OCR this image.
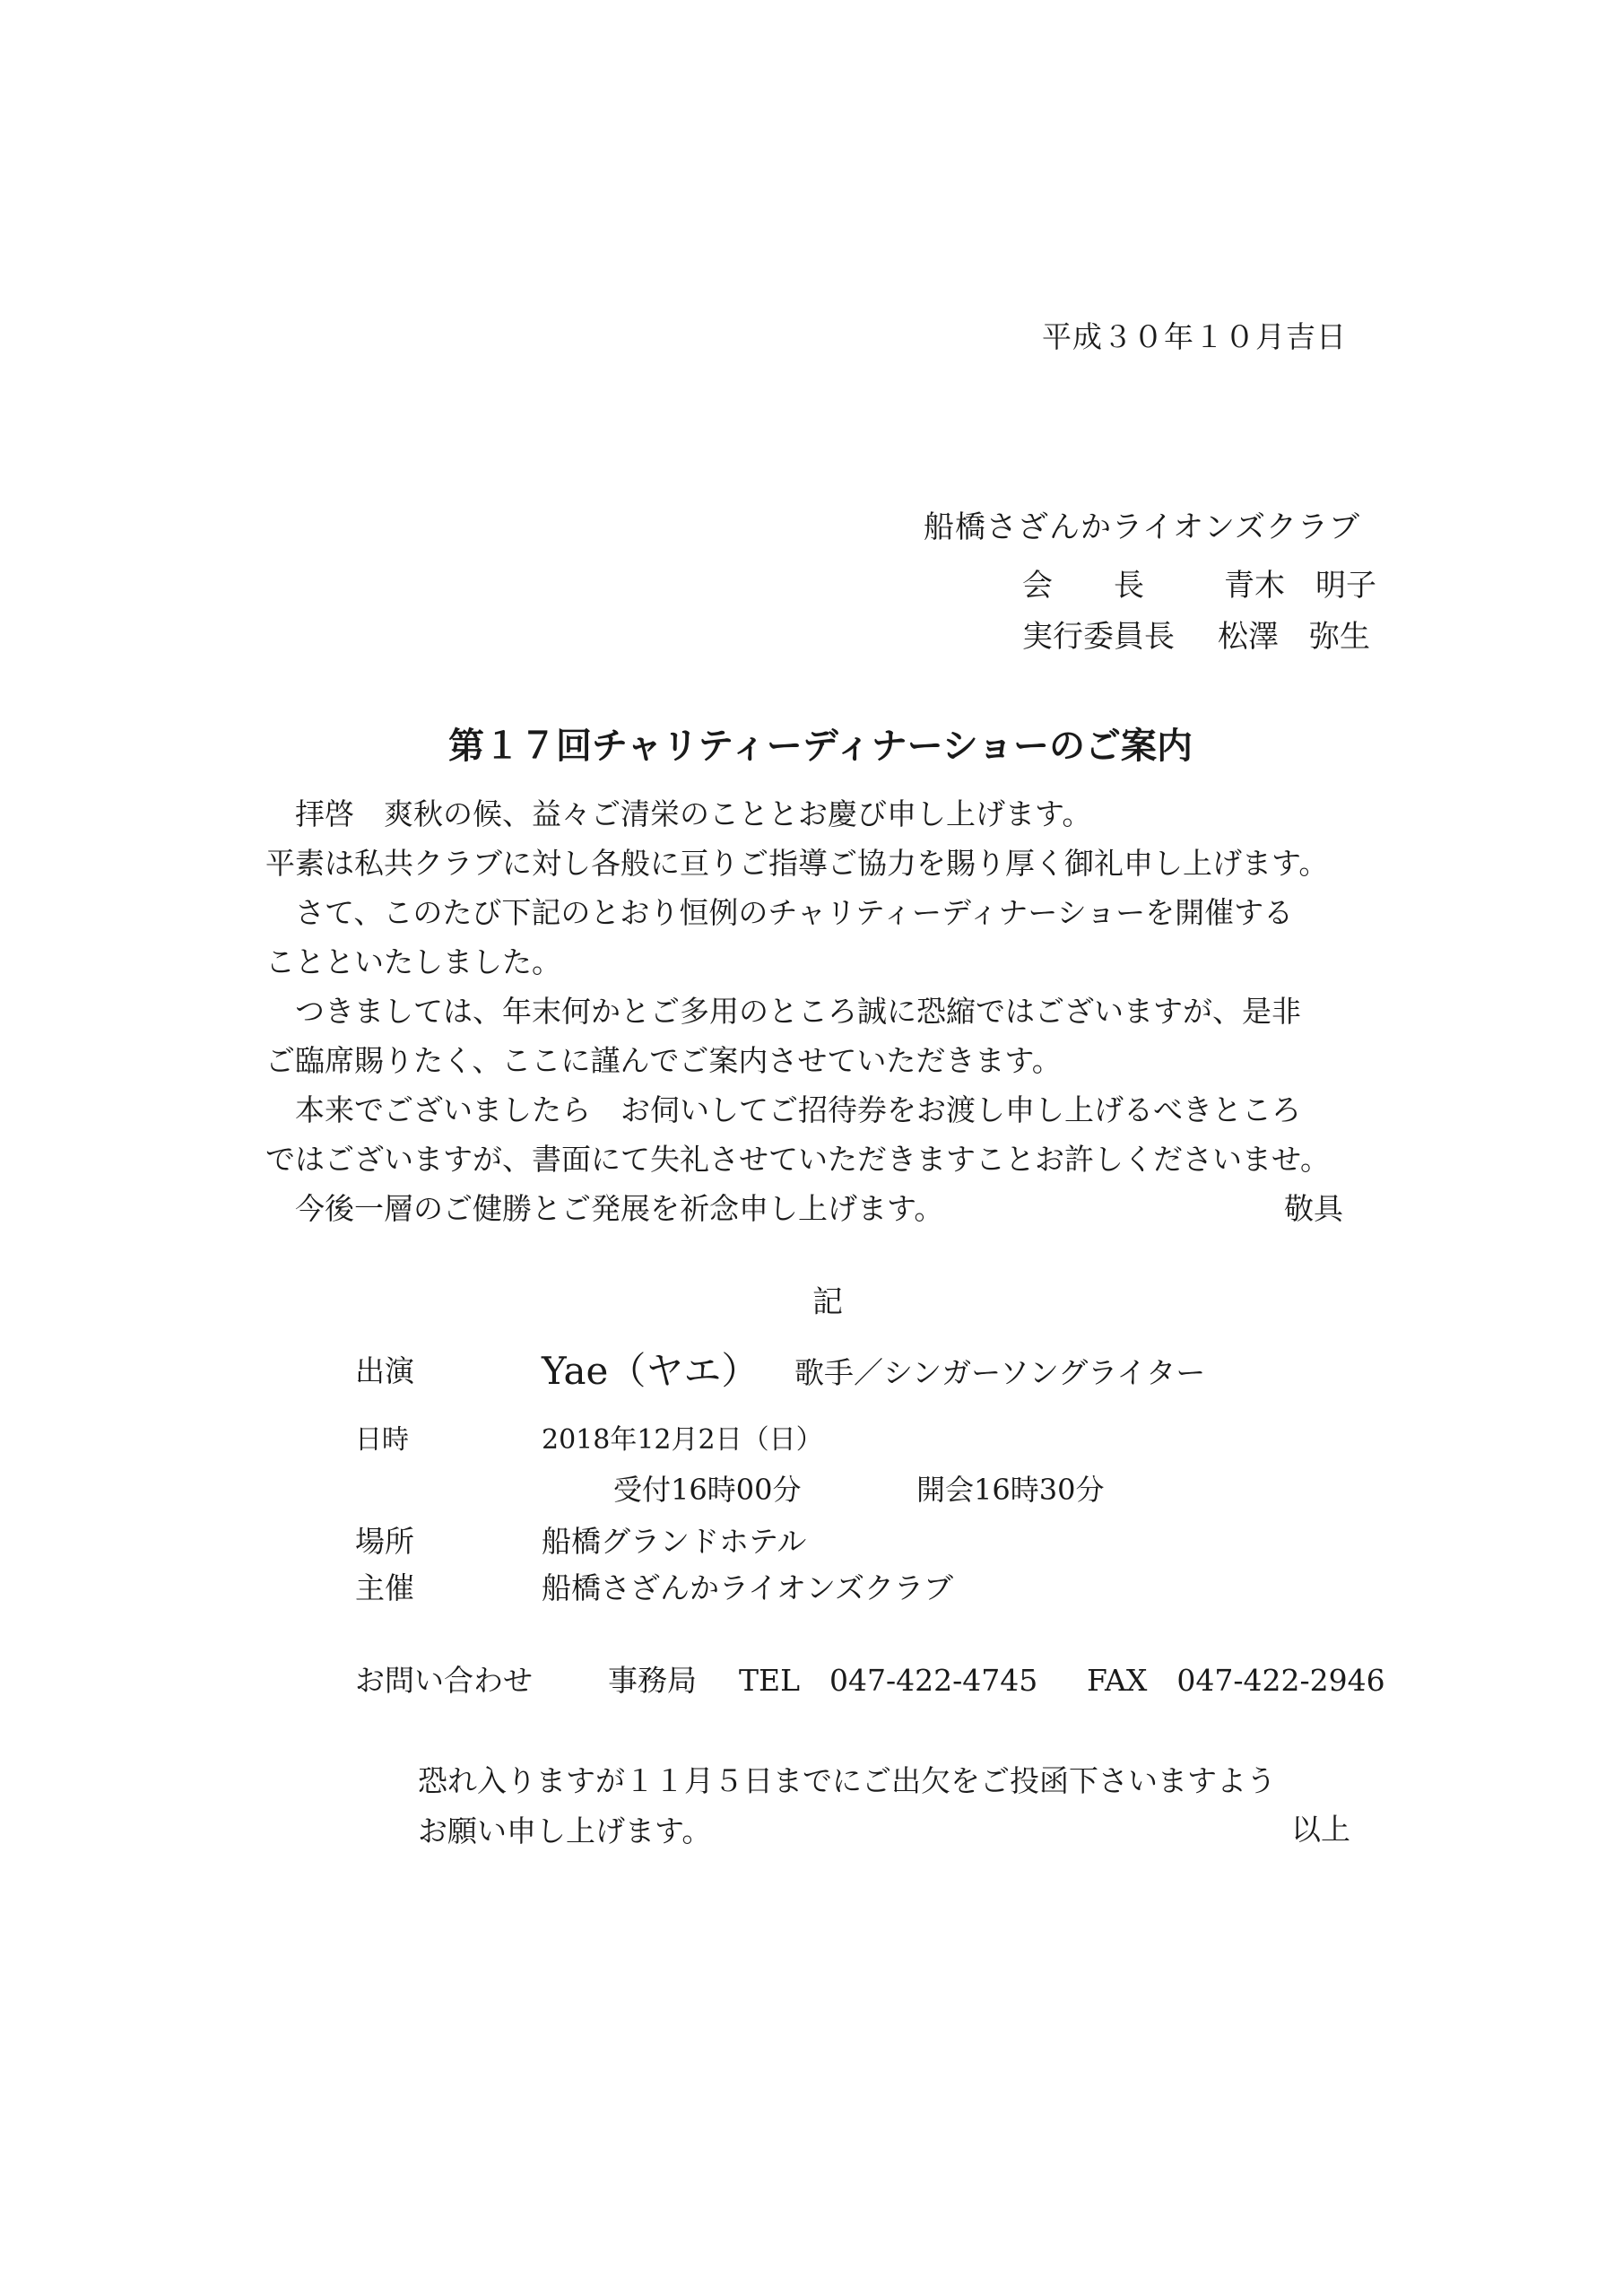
平成３０年１０月吉日
船橋さざんかライオンズクラブ
会　　長	青木　明子
実行委員長 松澤　弥生
第１７回チャリティーディナーショーのご案内
拝啓　爽秋の候、益々ご清栄のこととお慶び申し上げます。
平素は私共クラブに対し各般に亘りご指導ご協力を賜り厚く御礼申し上げます。
さて、このたび下記のとおり恒例のチャリティーディナーショーを開催する
ことといたしました。
つきましては、年末何かとご多用のところ誠に恐縮ではございますが、是非
ご臨席賜りたく、ここに謹んでご案内させていただきます。
本来でございましたら　お伺いしてご招待券をお渡し申し上げるべきところ
ではございますが、書面にて失礼させていただきますことお許しくださいませ。
今後一層のご健勝とご発展を祈念申し上げます。	敬具
記
出演	Yae（ヤエ） 歌手／シンガーソングライター
日時	2018年12月2日（日）
受付16時00分	開会16時30分
場所	船橋グランドホテル
主催	船橋さざんかライオンズクラブ
お問い合わせ	事務局 TEL　047-422-4745 FAX　047-422-2946
恐れ入りますが１１月５日までにご出欠をご投函下さいますよう
お願い申し上げます。	以上
